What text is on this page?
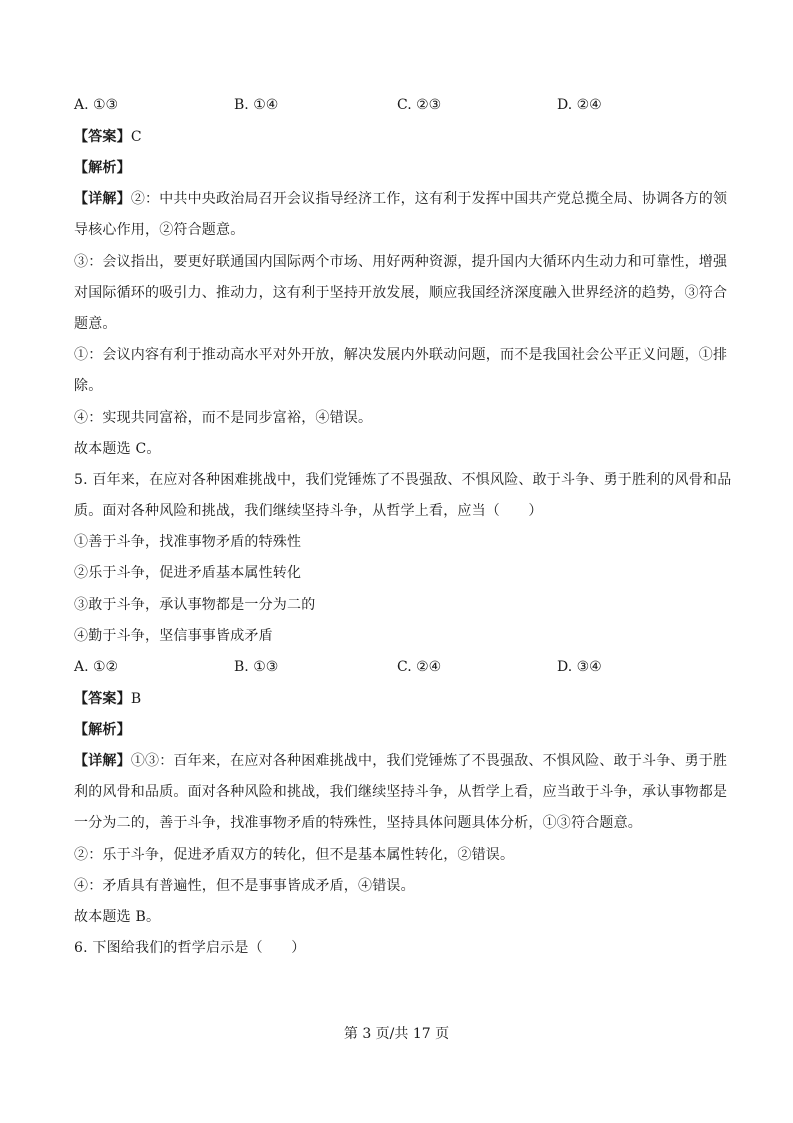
A. ①③	B. ①④	C. ②③	D. ②④
【答案】C
【解析】
【详解】②：中共中央政治局召开会议指导经济工作，这有利于发挥中国共产党总揽全局、协调各方的领
导核心作用，②符合题意。
③：会议指出，要更好联通国内国际两个市场、用好两种资源，提升国内大循环内生动力和可靠性，增强
对国际循环的吸引力、推动力，这有利于坚持开放发展，顺应我国经济深度融入世界经济的趋势，③符合
题意。
①：会议内容有利于推动高水平对外开放，解决发展内外联动问题，而不是我国社会公平正义问题，①排
除。
④：实现共同富裕，而不是同步富裕，④错误。
故本题选 C。
5. 百年来，在应对各种困难挑战中，我们党锤炼了不畏强敌、不惧风险、敢于斗争、勇于胜利的风骨和品
质。面对各种风险和挑战，我们继续坚持斗争，从哲学上看，应当（　　）
①善于斗争，找准事物矛盾的特殊性
②乐于斗争，促进矛盾基本属性转化
③敢于斗争，承认事物都是一分为二的
④勤于斗争，坚信事事皆成矛盾
A. ①②	B. ①③	C. ②④	D. ③④
【答案】B
【解析】
【详解】①③：百年来，在应对各种困难挑战中，我们党锤炼了不畏强敌、不惧风险、敢于斗争、勇于胜
利的风骨和品质。面对各种风险和挑战，我们继续坚持斗争，从哲学上看，应当敢于斗争，承认事物都是
一分为二的，善于斗争，找准事物矛盾的特殊性，坚持具体问题具体分析，①③符合题意。
②：乐于斗争，促进矛盾双方的转化，但不是基本属性转化，②错误。
④：矛盾具有普遍性，但不是事事皆成矛盾，④错误。
故本题选 B。
6. 下图给我们的哲学启示是（　　）
第 3 页/共 17 页
